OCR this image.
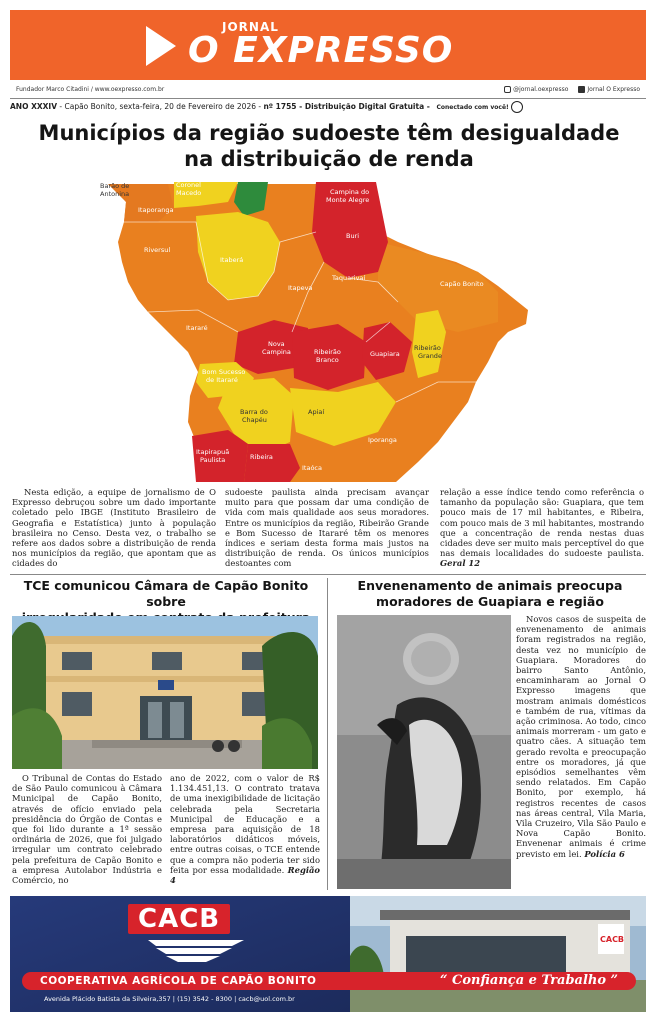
JORNAL
O EXPRESSO
Fundador Marco Citadini / www.oexpresso.com.br	@jornal.oexpresso	Jornal O Expresso
ANO XXXIV - Capão Bonito, sexta-feira, 20 de Fevereiro de 2026 - nº 1755 - Distribuição Digital Gratuita - Conectado com você!
Municípios da região sudoeste têm desigualdade
na distribuição de renda
Barão de
Antonina
Coronel
Macedo
Itaporanga
Campina do
Monte Alegre
Riversul
Itaberá
Buri
Taquarivaí
Itapeva	Capão Bonito
Itararé
Nova
Campina	Ribeirão
Branco
Guapiara
Ribeirão
Grande
Bom Sucesso
de Itararé
Barra do
Chapéu
Apiaí
Iporanga
Itapirapuã
Paulista	Ribeira
Itaóca

Nesta edição, a equipe de jornalismo de O Expresso debruçou sobre um dado importante coletado pelo IBGE (Instituto Brasileiro de Geografia e Estatística) junto à população brasileira no Censo. Desta vez, o trabalho se refere aos dados sobre a distribuição de renda nos municípios da região, que apontam que as cidades do

sudoeste paulista ainda precisam avançar muito para que possam dar uma condição de vida com mais qualidade aos seus moradores. Entre os municípios da região, Ribeirão Grande e Bom Sucesso de Itararé têm os menores índices e seriam desta forma mais justos na distribuição de renda. Os únicos municípios destoantes com

relação a esse índice tendo como referência o tamanho da população são: Guapiara, que tem pouco mais de 17 mil habitantes, e Ribeira, com pouco mais de 3 mil habitantes, mostrando que a concentração de renda nestas duas cidades deve ser muito mais perceptível do que nas demais localidades do sudoeste paulista. Geral 12

TCE comunicou Câmara de Capão Bonito sobre

O Tribunal de Contas do Estado de São Paulo comunicou à Câmara Municipal de Capão Bonito, através de ofício enviado pela presidência do Órgão de Contas e que foi lido durante a 1ª sessão ordinária de 2026, que foi julgado irregular um contrato celebrado pela prefeitura de Capão Bonito e a empresa Autolabor Indústria e Comércio, no

ano de 2022, com o valor de R$ 1.134.451,13. O contrato tratava de uma inexigibilidade de licitação celebrada pela Secretaria Municipal de Educação e a empresa para aquisição de 18 laboratórios didáticos móveis, entre outras coisas, o TCE entende que a compra não poderia ter sido feita por essa modalidade. Região 4

Envenenamento de animais preocupa
moradores de Guapiara e região

Novos casos de suspeita de envenenamento de animais foram registrados na região, desta vez no município de Guapiara. Moradores do bairro Santo Antônio, encaminharam ao Jornal O Expresso imagens que mostram animais domésticos e também de rua, vítimas da ação criminosa. Ao todo, cinco animais morreram - um gato e quatro cães. A situação tem gerado revolta e preocupação entre os moradores, já que episódios semelhantes vêm sendo relatados. Em Capão Bonito, por exemplo, há registros recentes de casos nas áreas central, Vila Maria, Vila Cruzeiro, Vila São Paulo e Nova Capão Bonito. Envenenar animais é crime previsto em lei. Polícia 6

CACB
CACB
COOPERATIVA AGRÍCOLA DE CAPÃO BONITO	“ Confiança e Trabalho ”
Avenida Plácido Batista da Silveira,357 | (15) 3542 - 8300 | cacb@uol.com.br
